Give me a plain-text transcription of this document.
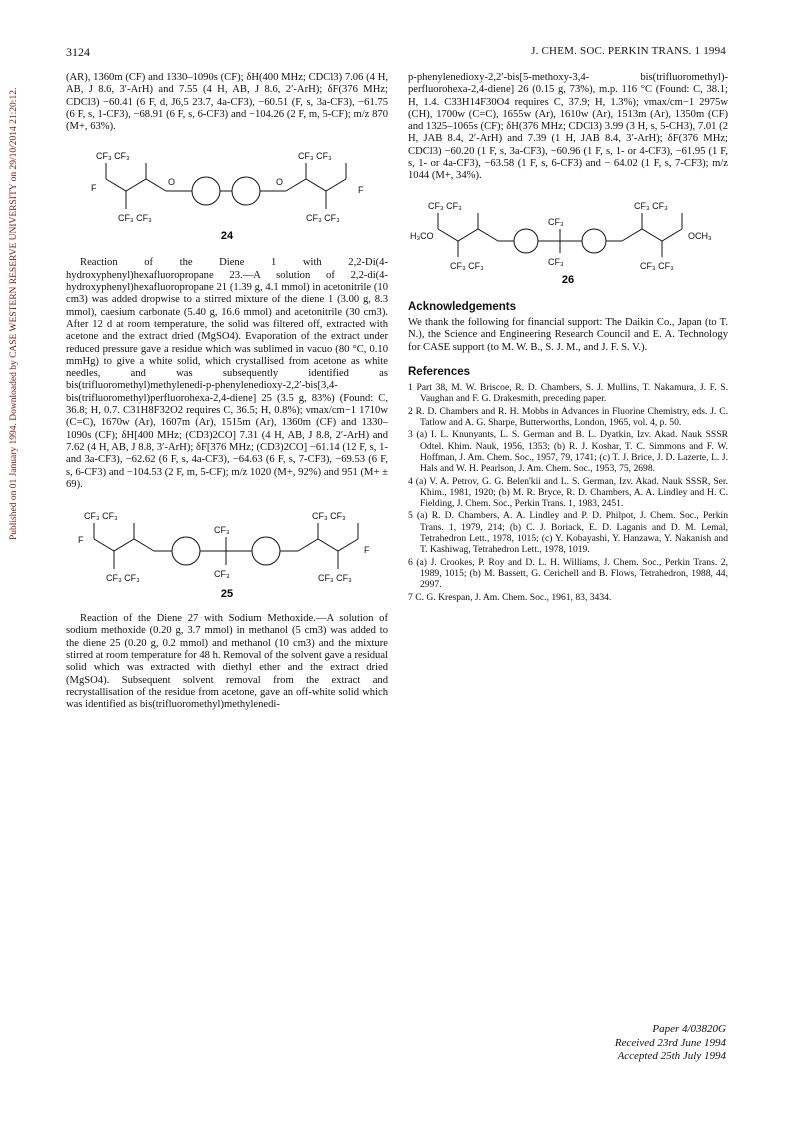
3124	J. CHEM. SOC. PERKIN TRANS. 1 1994
Published on 01 January 1994. Downloaded by CASE WESTERN RESERVE UNIVERSITY on 29/10/2014 21:20:12.

(AR), 1360m (CF) and 1330–1090s (CF); δH(400 MHz; CDCl3) 7.06 (4 H, AB, J 8.6, 3′-ArH) and 7.55 (4 H, AB, J 8.6, 2′-ArH); δF(376 MHz; CDCl3) −60.41 (6 F, d, J6,5 23.7, 4a-CF3), −60.51 (F, s, 3a-CF3), −61.75 (6 F, s, 1-CF3), −68.91 (6 F, s, 6-CF3) and −104.26 (2 F, m, 5-CF); m/z 870 (M+, 63%).

CF₃ CF₃
F
O	O
CF₃ CF₃
CF₃ CF₃
CF₃ CF₃
F
24

Reaction of the Diene 1 with 2,2-Di(4-hydroxyphenyl)hexafluoropropane 23.—A solution of 2,2-di(4-hydroxyphenyl)hexafluoropropane 21 (1.39 g, 4.1 mmol) in acetonitrile (10 cm3) was added dropwise to a stirred mixture of the diene 1 (3.00 g, 8.3 mmol), caesium carbonate (5.40 g, 16.6 mmol) and acetonitrile (30 cm3). After 12 d at room temperature, the solid was filtered off, extracted with acetone and the extract dried (MgSO4). Evaporation of the extract under reduced pressure gave a residue which was sublimed in vacuo (80 °C, 0.10 mmHg) to give a white solid, which crystallised from acetone as white needles, and was subsequently identified as bis(trifluoromethyl)methylenedi-p-phenylenedioxy-2,2′-bis[3,4-bis(trifluoromethyl)perfluorohexa-2,4-diene] 25 (3.5 g, 83%) (Found: C, 36.8; H, 0.7. C31H8F32O2 requires C, 36.5; H, 0.8%); νmax/cm−1 1710w (C=C), 1670w (Ar), 1607m (Ar), 1515m (Ar), 1360m (CF) and 1330–1090s (CF); δH[400 MHz; (CD3)2CO] 7.31 (4 H, AB, J 8.8, 2′-ArH) and 7.62 (4 H, AB, J 8.8, 3′-ArH); δF[376 MHz; (CD3)2CO] −61.14 (12 F, s, 1- and 3a-CF3), −62.62 (6 F, s, 4a-CF3), −64.63 (6 F, s, 7-CF3), −69.53 (6 F, s, 6-CF3) and −104.53 (2 F, m, 5-CF); m/z 1020 (M+, 92%) and 951 (M+ ± 69).

CF₃ CF₃
F
CF₃
CF₃
CF₃ CF₃
CF₃ CF₃
CF₃ CF₃
F
25

Reaction of the Diene 27 with Sodium Methoxide.—A solution of sodium methoxide (0.20 g, 3.7 mmol) in methanol (5 cm3) was added to the diene 25 (0.20 g, 0.2 mmol) and methanol (10 cm3) and the mixture stirred at room temperature for 48 h. Removal of the solvent gave a residual solid which was extracted with diethyl ether and the extract dried (MgSO4). Subsequent solvent removal from the extract and recrystallisation of the residue from acetone, gave an off-white solid which was identified as bis(trifluoromethyl)methylenedi-

p-phenylenedioxy-2,2′-bis[5-methoxy-3,4- bis(trifluoromethyl)-perfluorohexa-2,4-diene] 26 (0.15 g, 73%), m.p. 116 °C (Found: C, 38.1; H, 1.4. C33H14F30O4 requires C, 37.9; H, 1.3%); νmax/cm−1 2975w (CH), 1700w (C=C), 1655w (Ar), 1610w (Ar), 1513m (Ar), 1350m (CF) and 1325–1065s (CF); δH(376 MHz; CDCl3) 3.99 (3 H, s, 5-CH3), 7.01 (2 H, JAB 8.4, 2′-ArH) and 7.39 (1 H, JAB 8.4, 3′-ArH); δF(376 MHz; CDCl3) −60.20 (1 F, s, 3a-CF3), −60.96 (1 F, s, 1- or 4-CF3), −61.95 (1 F, s, 1- or 4a-CF3), −63.58 (1 F, s, 6-CF3) and − 64.02 (1 F, s, 7-CF3); m/z 1044 (M+, 34%).

CF₃ CF₃
H₃CO
CF₃
CF₃
CF₃ CF₃
CF₃ CF₃
CF₃ CF₃
OCH₃
26
Acknowledgements

We thank the following for financial support: The Daikin Co., Japan (to T. N.), the Science and Engineering Research Council and E. A. Technology for CASE support (to M. W. B., S. J. M., and J. F. S. V.).

References
1 Part 38, M. W. Briscoe, R. D. Chambers, S. J. Mullins, T. Nakamura, J. F. S. Vaughan and F. G. Drakesmith, preceding paper.
2 R. D. Chambers and R. H. Mobbs in Advances in Fluorine Chemistry, eds. J. C. Tatlow and A. G. Sharpe, Butterworths, London, 1965, vol. 4, p. 50.
3 (a) I. L. Knunyants, L. S. German and B. L. Dyatkin, Izv. Akad. Nauk SSSR Odtel. Khim. Nauk, 1956, 1353; (b) R. J. Koshar, T. C. Simmons and F. W. Hoffman, J. Am. Chem. Soc., 1957, 79, 1741; (c) T. J. Brice, J. D. Lazerte, L. J. Hals and W. H. Pearlson, J. Am. Chem. Soc., 1953, 75, 2698.
4 (a) V. A. Petrov, G. G. Belen'kii and L. S. German, Izv. Akad. Nauk SSSR, Ser. Khim., 1981, 1920; (b) M. R. Bryce, R. D. Chambers, A. A. Lindley and H. C. Fielding, J. Chem. Soc., Perkin Trans. 1, 1983, 2451.
5 (a) R. D. Chambers, A. A. Lindley and P. D. Philpot, J. Chem. Soc., Perkin Trans. 1, 1979, 214; (b) C. J. Boriack, E. D. Laganis and D. M. Lemal, Tetrahedron Lett., 1978, 1015; (c) Y. Kobayashi, Y. Hanzawa, Y. Nakanish and T. Kashiwag, Tetrahedron Lett., 1978, 1019.
6 (a) J. Crookes, P. Roy and D. L. H. Williams, J. Chem. Soc., Perkin Trans. 2, 1989, 1015; (b) M. Bassett, G. Cerichell and B. Flows, Tetrahedron, 1988, 44, 2997.
7 C. G. Krespan, J. Am. Chem. Soc., 1961, 83, 3434.
Paper 4/03820G
Received 23rd June 1994
Accepted 25th July 1994
